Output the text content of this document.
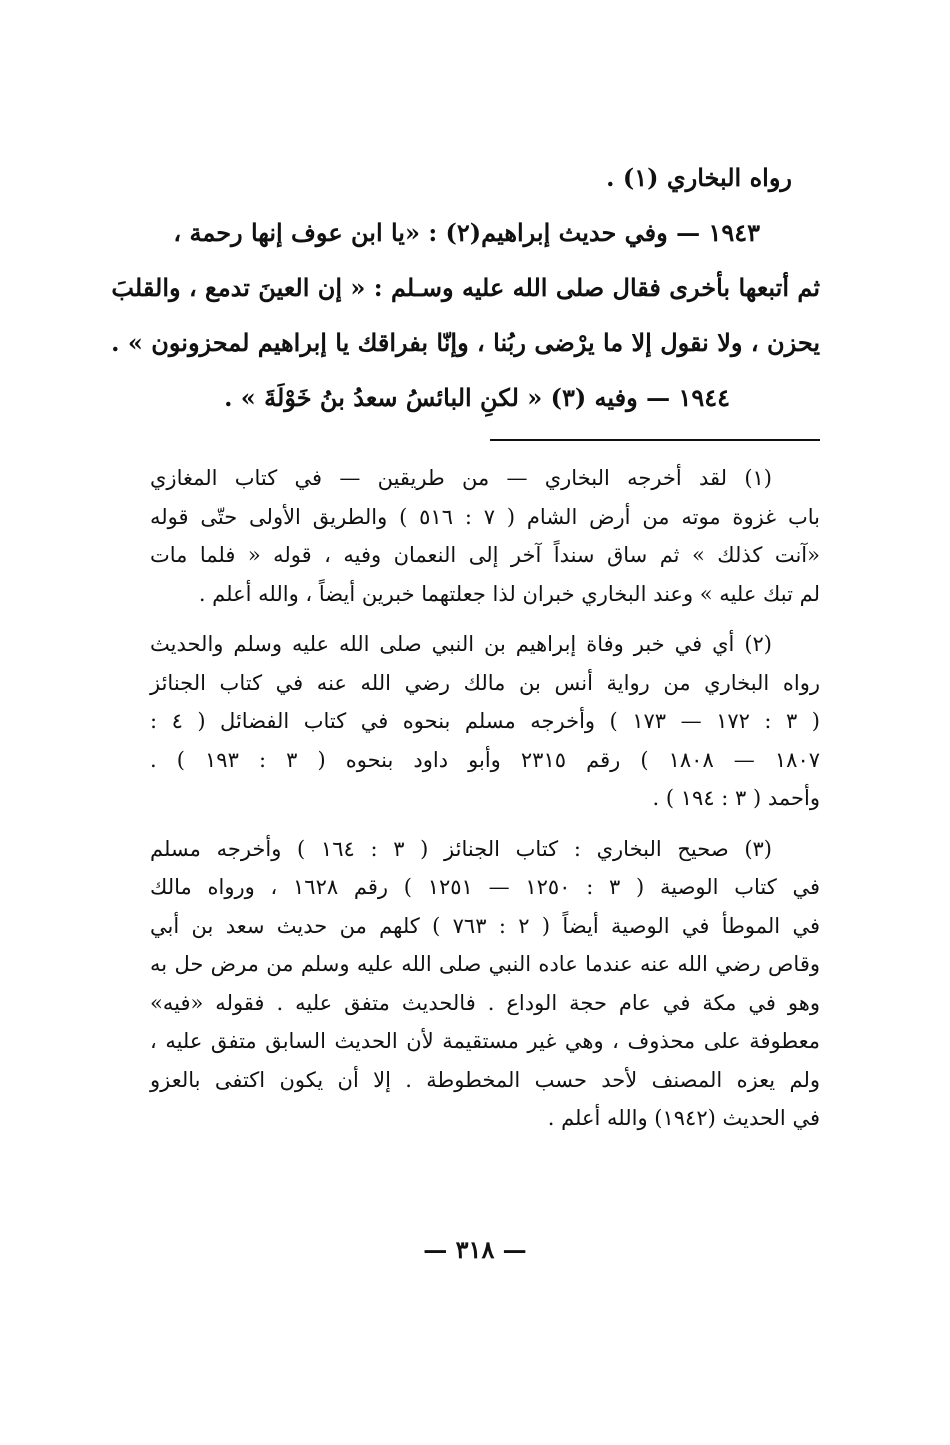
رواه البخاري (١) .
١٩٤٣ — وفي حديث إبراهيم(٢) : «يا ابن عوف إنها رحمة ،
ثم أتبعها بأخرى فقال صلى الله عليه وسـلم : « إن العينَ تدمع ، والقلبَ
يحزن ، ولا نقول إلا ما يرْضى ربُنا ، وإنّا بفراقك يا إبراهيم لمحزونون » .
١٩٤٤ — وفيه (٣) « لكنِ البائسُ سعدُ بنُ خَوْلَةَ » .
(١) لقد أخرجه البخاري — من طريقين — في كتاب المغازي
باب غزوة موته من أرض الشام ( ٧ : ٥١٦ ) والطريق الأولى حتّى قوله
«آنت كذلك » ثم ساق سنداً آخر إلى النعمان وفيه ، قوله « فلما مات
لم تبك عليه » وعند البخاري خبران لذا جعلتهما خبرين أيضاً ، والله أعلم .
(٢) أي في خبر وفاة إبراهيم بن النبي صلى الله عليه وسلم والحديث
رواه البخاري من رواية أنس بن مالك رضي الله عنه في كتاب الجنائز
( ٣ : ١٧٢ — ١٧٣ ) وأخرجه مسلم بنحوه في كتاب الفضائل ( ٤ :
١٨٠٧ — ١٨٠٨ ) رقم ٢٣١٥ وأبو داود بنحوه ( ٣ : ١٩٣ ) .
وأحمد ( ٣ : ١٩٤ ) .
(٣) صحيح البخاري : كتاب الجنائز ( ٣ : ١٦٤ ) وأخرجه مسلم
في كتاب الوصية ( ٣ : ١٢٥٠ — ١٢٥١ ) رقم ١٦٢٨ ، ورواه مالك
في الموطأ في الوصية أيضاً ( ٢ : ٧٦٣ ) كلهم من حديث سعد بن أبي
وقاص رضي الله عنه عندما عاده النبي صلى الله عليه وسلم من مرض حل به
وهو في مكة في عام حجة الوداع . فالحديث متفق عليه . فقوله «فيه»
معطوفة على محذوف ، وهي غير مستقيمة لأن الحديث السابق متفق عليه ،
ولم يعزه المصنف لأحد حسب المخطوطة . إلا أن يكون اكتفى بالعزو
في الحديث (١٩٤٢) والله أعلم .
— ٣١٨ —
